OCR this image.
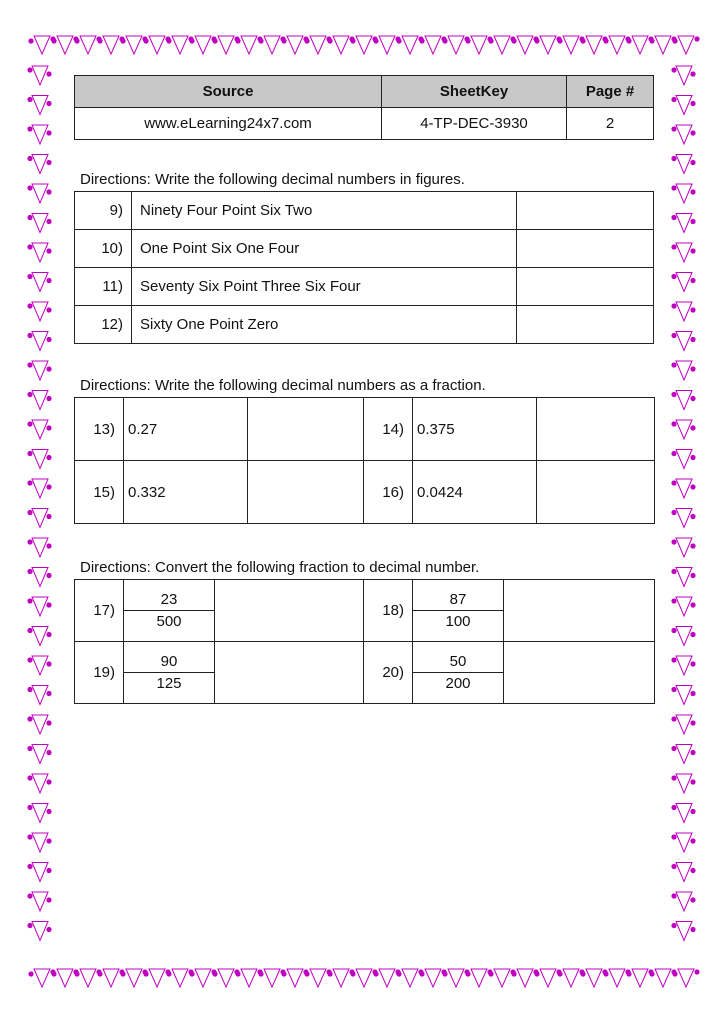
Source	SheetKey	Page #
www.eLearning24x7.com	4-TP-DEC-3930	2
Directions: Write the following decimal numbers in figures.
9)	Ninety Four Point Six Two	
10)	One Point Six One Four	
11)	Seventy Six Point Three Six Four	
12)	Sixty One Point Zero	
Directions: Write the following decimal numbers as a fraction.
13)	0.27		14)	0.375	
15)	0.332		16)	0.0424	
Directions: Convert the following fraction to decimal number.
17)	$\frac{23}{500}$		18)	$\frac{87}{100}$

19)	$\frac{90}{125}$		20)	$\frac{50}{200}$
